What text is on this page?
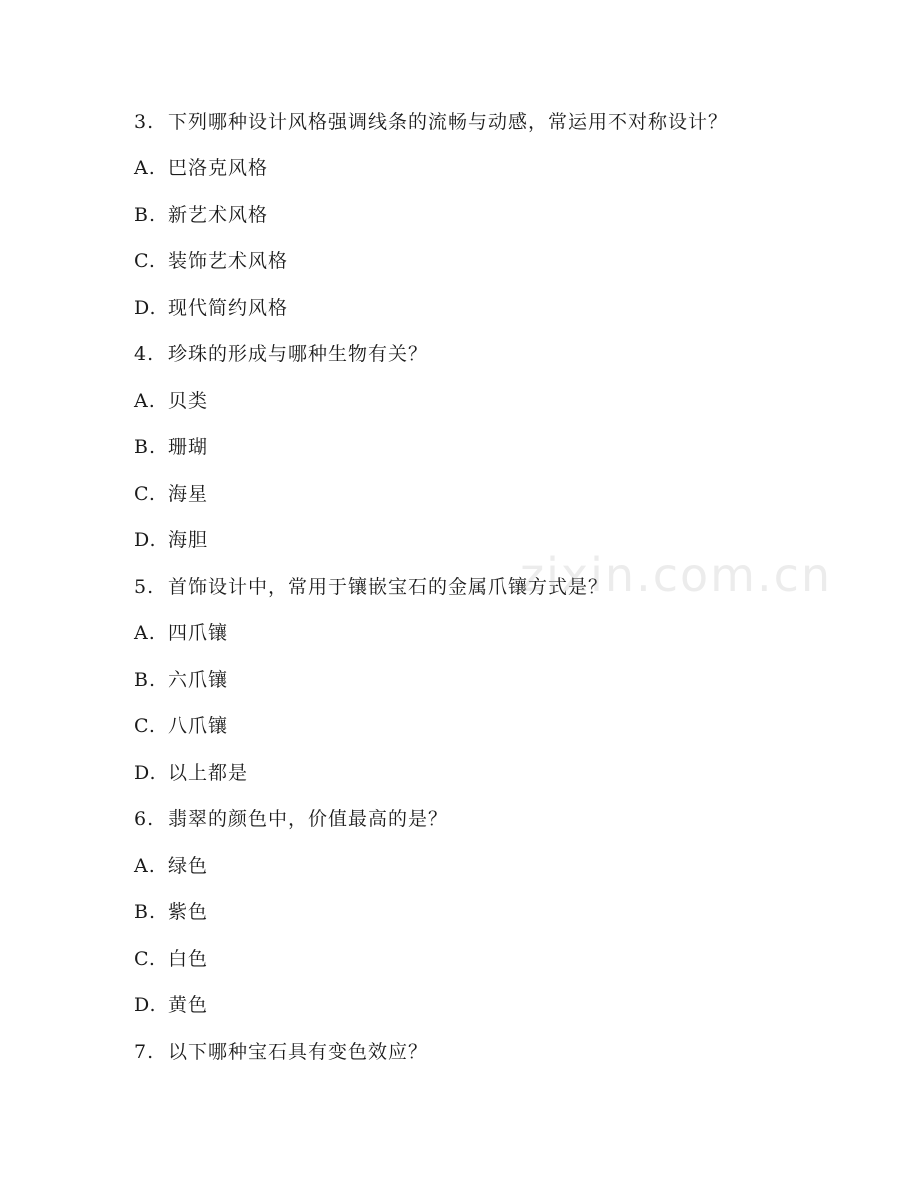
3. 下列哪种设计风格强调线条的流畅与动感，常运用不对称设计？
A. 巴洛克风格
B. 新艺术风格
C. 装饰艺术风格
D. 现代简约风格
4. 珍珠的形成与哪种生物有关？
A. 贝类
B. 珊瑚
C. 海星
D. 海胆
5. 首饰设计中，常用于镶嵌宝石的金属爪镶方式是？
A. 四爪镶
B. 六爪镶
C. 八爪镶
D. 以上都是
6. 翡翠的颜色中，价值最高的是？
A. 绿色
B. 紫色
C. 白色
D. 黄色
7. 以下哪种宝石具有变色效应？
zixin.com.cn
